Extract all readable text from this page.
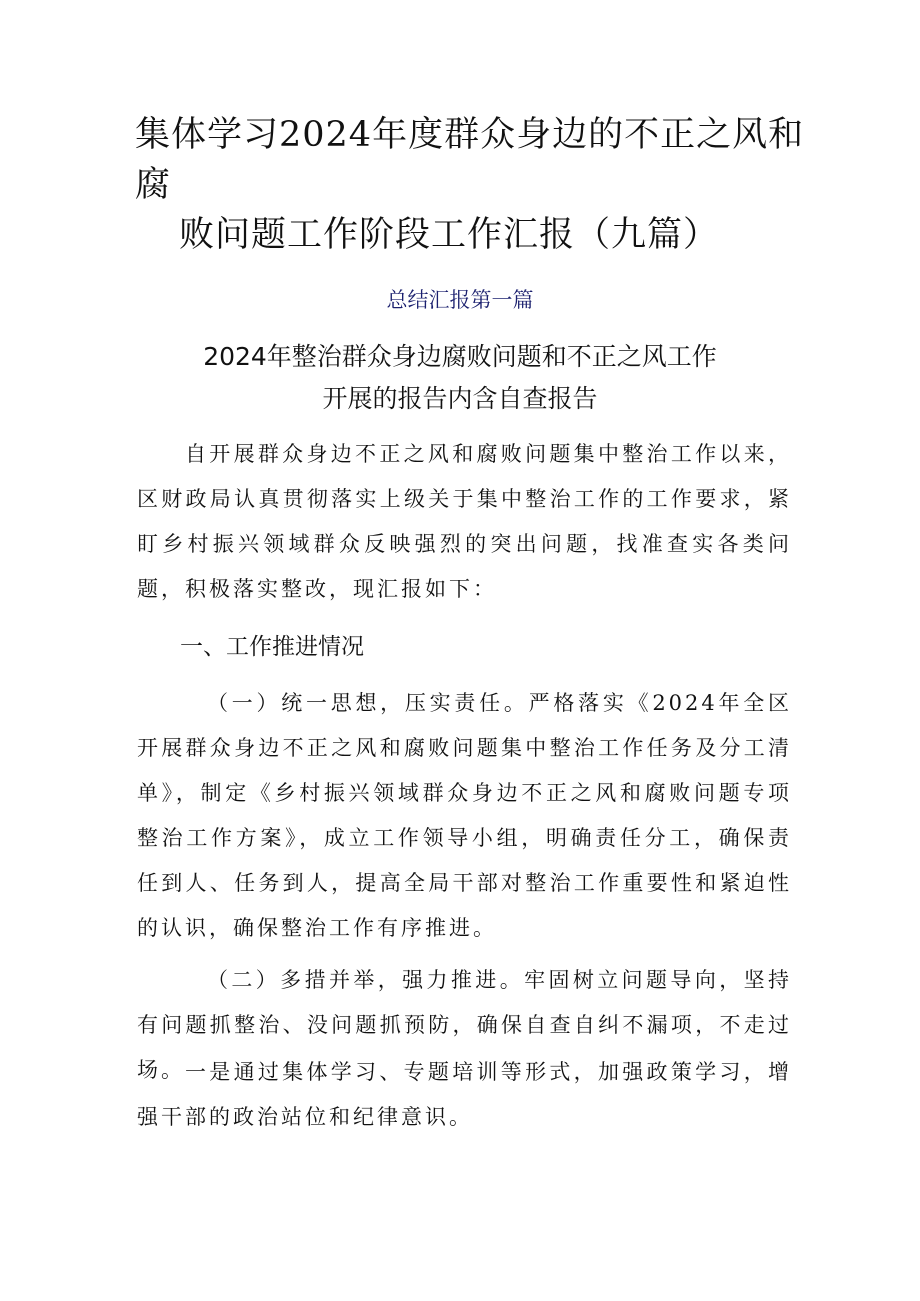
集体学习2024年度群众身边的不正之风和腐
败问题工作阶段工作汇报（九篇）
总结汇报第一篇
2024年整治群众身边腐败问题和不正之风工作
开展的报告内含自查报告

自开展群众身边不正之风和腐败问题集中整治工作以来，区财政局认真贯彻落实上级关于集中整治工作的工作要求，紧盯乡村振兴领域群众反映强烈的突出问题，找准查实各类问题，积极落实整改，现汇报如下：

一、工作推进情况

（一）统一思想，压实责任。严格落实《2024年全区开展群众身边不正之风和腐败问题集中整治工作任务及分工清单》，制定《乡村振兴领域群众身边不正之风和腐败问题专项整治工作方案》，成立工作领导小组，明确责任分工，确保责任到人、任务到人，提高全局干部对整治工作重要性和紧迫性的认识，确保整治工作有序推进。

（二）多措并举，强力推进。牢固树立问题导向，坚持有问题抓整治、没问题抓预防，确保自查自纠不漏项，不走过场。 一是通过集体学习、专题培训等形式，加强政策学习，增强干部的政治站位和纪律意识。
